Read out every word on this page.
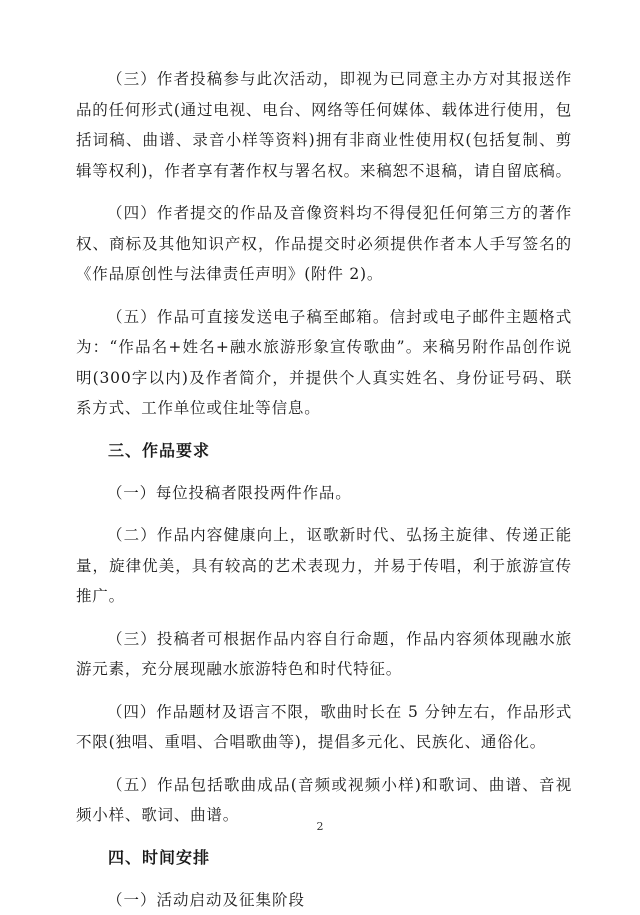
（三）作者投稿参与此次活动，即视为已同意主办方对其报送作品的任何形式(通过电视、电台、网络等任何媒体、载体进行使用，包括词稿、曲谱、录音小样等资料)拥有非商业性使用权(包括复制、剪辑等权利)，作者享有著作权与署名权。来稿恕不退稿，请自留底稿。

（四）作者提交的作品及音像资料均不得侵犯任何第三方的著作权、商标及其他知识产权，作品提交时必须提供作者本人手写签名的《作品原创性与法律责任声明》(附件 2)。

（五）作品可直接发送电子稿至邮箱。信封或电子邮件主题格式为：“作品名+姓名+融水旅游形象宣传歌曲”。来稿另附作品创作说明(300字以内)及作者简介，并提供个人真实姓名、身份证号码、联系方式、工作单位或住址等信息。

三、作品要求

（一）每位投稿者限投两件作品。

（二）作品内容健康向上，讴歌新时代、弘扬主旋律、传递正能量，旋律优美，具有较高的艺术表现力，并易于传唱，利于旅游宣传推广。

（三）投稿者可根据作品内容自行命题，作品内容须体现融水旅游元素，充分展现融水旅游特色和时代特征。

（四）作品题材及语言不限，歌曲时长在 5 分钟左右，作品形式不限(独唱、重唱、合唱歌曲等)，提倡多元化、民族化、通俗化。

（五）作品包括歌曲成品(音频或视频小样)和歌词、曲谱、音视频小样、歌词、曲谱。

四、时间安排
（一）活动启动及征集阶段
2
